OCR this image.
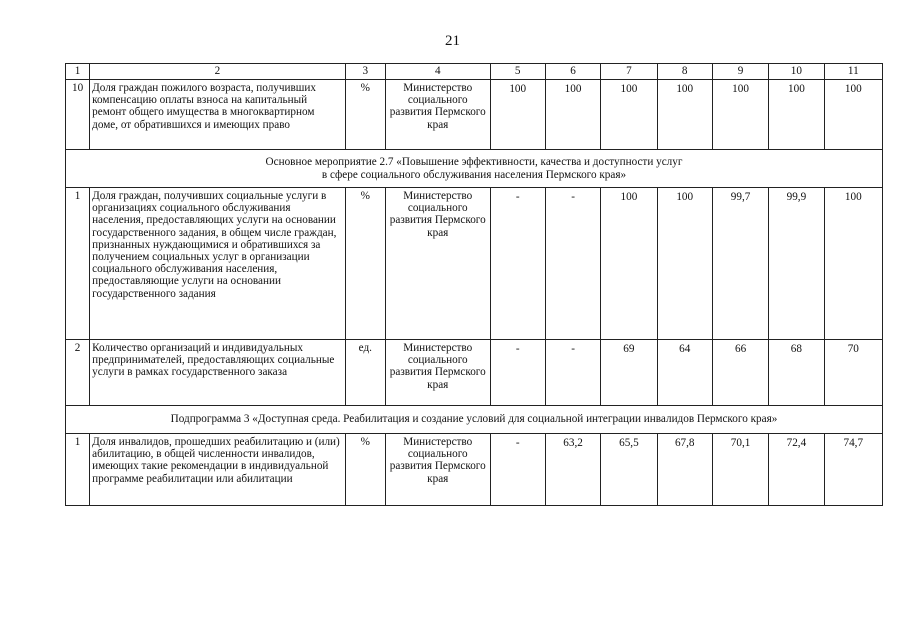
21
1	2	3	4	5	6	7	8	9	10	11
10	Доля граждан пожилого возраста, получивших компенсацию оплаты взноса на капитальный ремонт общего имущества в многоквартирном доме, от обратившихся и имеющих право	%	Министерство социального развития Пермского края	100	100	100	100	100	100	100

Основное мероприятие 2.7 «Повышение эффективности, качества и доступности услуг
в сфере социального обслуживания населения Пермского края»										

1	Доля граждан, получивших социальные услуги в организациях социального обслуживания населения, предоставляющих услуги на основании государственного задания, в общем числе граждан, признанных нуждающимися и обратившихся за получением социальных услуг в организации социального обслуживания населения, предоставляющие услуги на основании государственного задания	%	Министерство социального развития Пермского края	-	-	100	100	99,7	99,9	100
2	Количество организаций и индивидуальных предпринимателей, предоставляющих социальные услуги в рамках государственного заказа	ед.	Министерство социального развития Пермского края	-	-	69	64	66	68	70

Подпрограмма 3 «Доступная среда. Реабилитация и создание условий для социальной интеграции инвалидов Пермского края»										

1	Доля инвалидов, прошедших реабилитацию и (или) абилитацию, в общей численности инвалидов, имеющих такие рекомендации в индивидуальной программе реабилитации или абилитации	%	Министерство социального развития Пермского края	-	63,2	65,5	67,8	70,1	72,4	74,7
